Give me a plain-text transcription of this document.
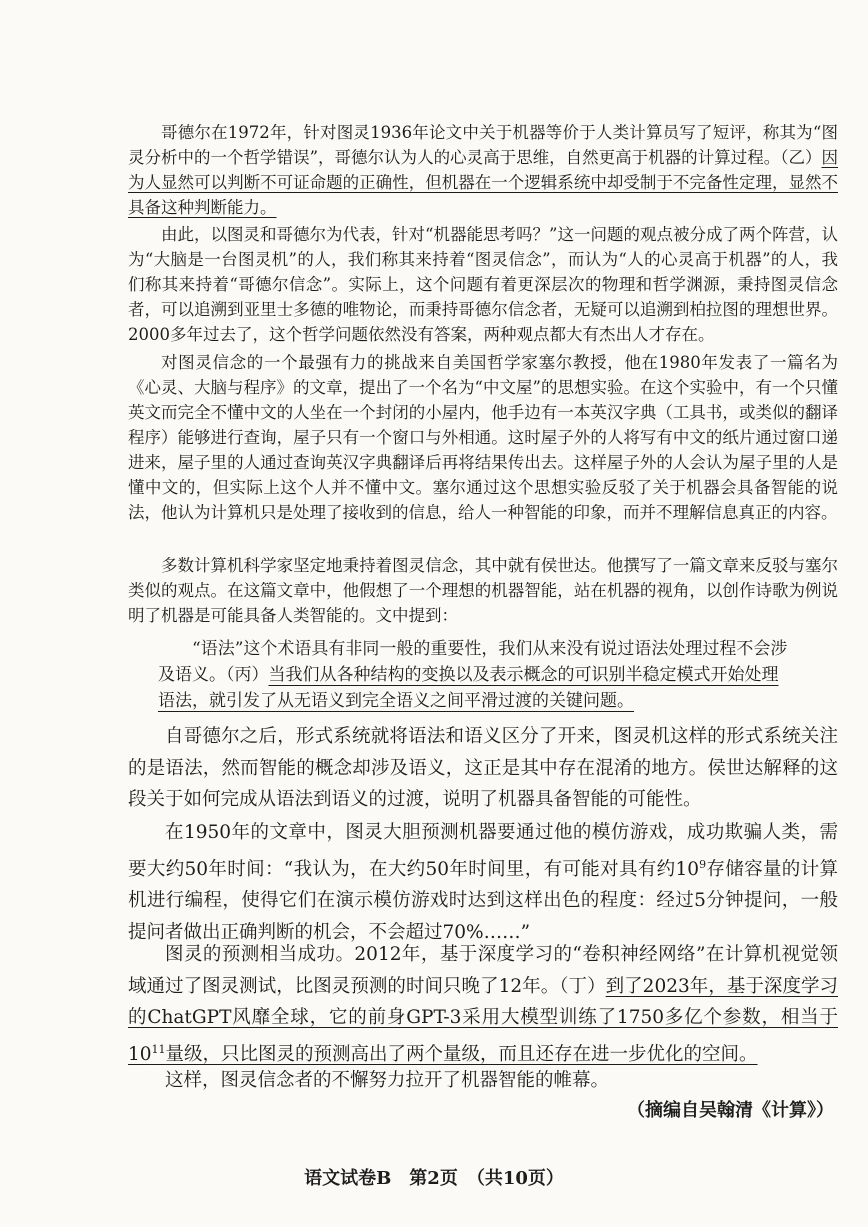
哥德尔在1972年，针对图灵1936年论文中关于机器等价于人类计算员写了短评，称其为“图灵分析中的一个哲学错误”，哥德尔认为人的心灵高于思维，自然更高于机器的计算过程。（乙）因为人显然可以判断不可证命题的正确性，但机器在一个逻辑系统中却受制于不完备性定理，显然不具备这种判断能力。

由此，以图灵和哥德尔为代表，针对“机器能思考吗？”这一问题的观点被分成了两个阵营，认为“大脑是一台图灵机”的人，我们称其来持着“图灵信念”，而认为“人的心灵高于机器”的人，我们称其来持着“哥德尔信念”。实际上，这个问题有着更深层次的物理和哲学渊源，秉持图灵信念者，可以追溯到亚里士多德的唯物论，而秉持哥德尔信念者，无疑可以追溯到柏拉图的理想世界。2000多年过去了，这个哲学问题依然没有答案，两种观点都大有杰出人才存在。

对图灵信念的一个最强有力的挑战来自美国哲学家塞尔教授，他在1980年发表了一篇名为《心灵、大脑与程序》的文章，提出了一个名为“中文屋”的思想实验。在这个实验中，有一个只懂英文而完全不懂中文的人坐在一个封闭的小屋内，他手边有一本英汉字典（工具书，或类似的翻译程序）能够进行查询，屋子只有一个窗口与外相通。这时屋子外的人将写有中文的纸片通过窗口递进来，屋子里的人通过查询英汉字典翻译后再将结果传出去。这样屋子外的人会认为屋子里的人是懂中文的，但实际上这个人并不懂中文。塞尔通过这个思想实验反驳了关于机器会具备智能的说法，他认为计算机只是处理了接收到的信息，给人一种智能的印象，而并不理解信息真正的内容。

多数计算机科学家坚定地秉持着图灵信念，其中就有侯世达。他撰写了一篇文章来反驳与塞尔类似的观点。在这篇文章中，他假想了一个理想的机器智能，站在机器的视角，以创作诗歌为例说明了机器是可能具备人类智能的。文中提到：

“语法”这个术语具有非同一般的重要性，我们从来没有说过语法处理过程不会涉及语义。（丙）当我们从各种结构的变换以及表示概念的可识别半稳定模式开始处理语法，就引发了从无语义到完全语义之间平滑过渡的关键问题。

自哥德尔之后，形式系统就将语法和语义区分了开来，图灵机这样的形式系统关注的是语法，然而智能的概念却涉及语义，这正是其中存在混淆的地方。侯世达解释的这段关于如何完成从语法到语义的过渡，说明了机器具备智能的可能性。

在1950年的文章中，图灵大胆预测机器要通过他的模仿游戏，成功欺骗人类，需要大约50年时间：“我认为，在大约50年时间里，有可能对具有约$10^9$存储容量的计算机进行编程，使得它们在演示模仿游戏时达到这样出色的程度：经过5分钟提问，一般提问者做出正确判断的机会，不会超过70%……”

图灵的预测相当成功。2012年，基于深度学习的“卷积神经网络”在计算机视觉领域通过了图灵测试，比图灵预测的时间只晚了12年。（丁）到了2023年，基于深度学习的ChatGPT风靡全球，它的前身GPT-3采用大模型训练了1750多亿个参数，相当于$10^{11}$量级，只比图灵的预测高出了两个量级，而且还存在进一步优化的空间。

这样，图灵信念者的不懈努力拉开了机器智能的帷幕。

（摘编自吴翰清《计算》）
语文试卷B　第2页　（共10页）
